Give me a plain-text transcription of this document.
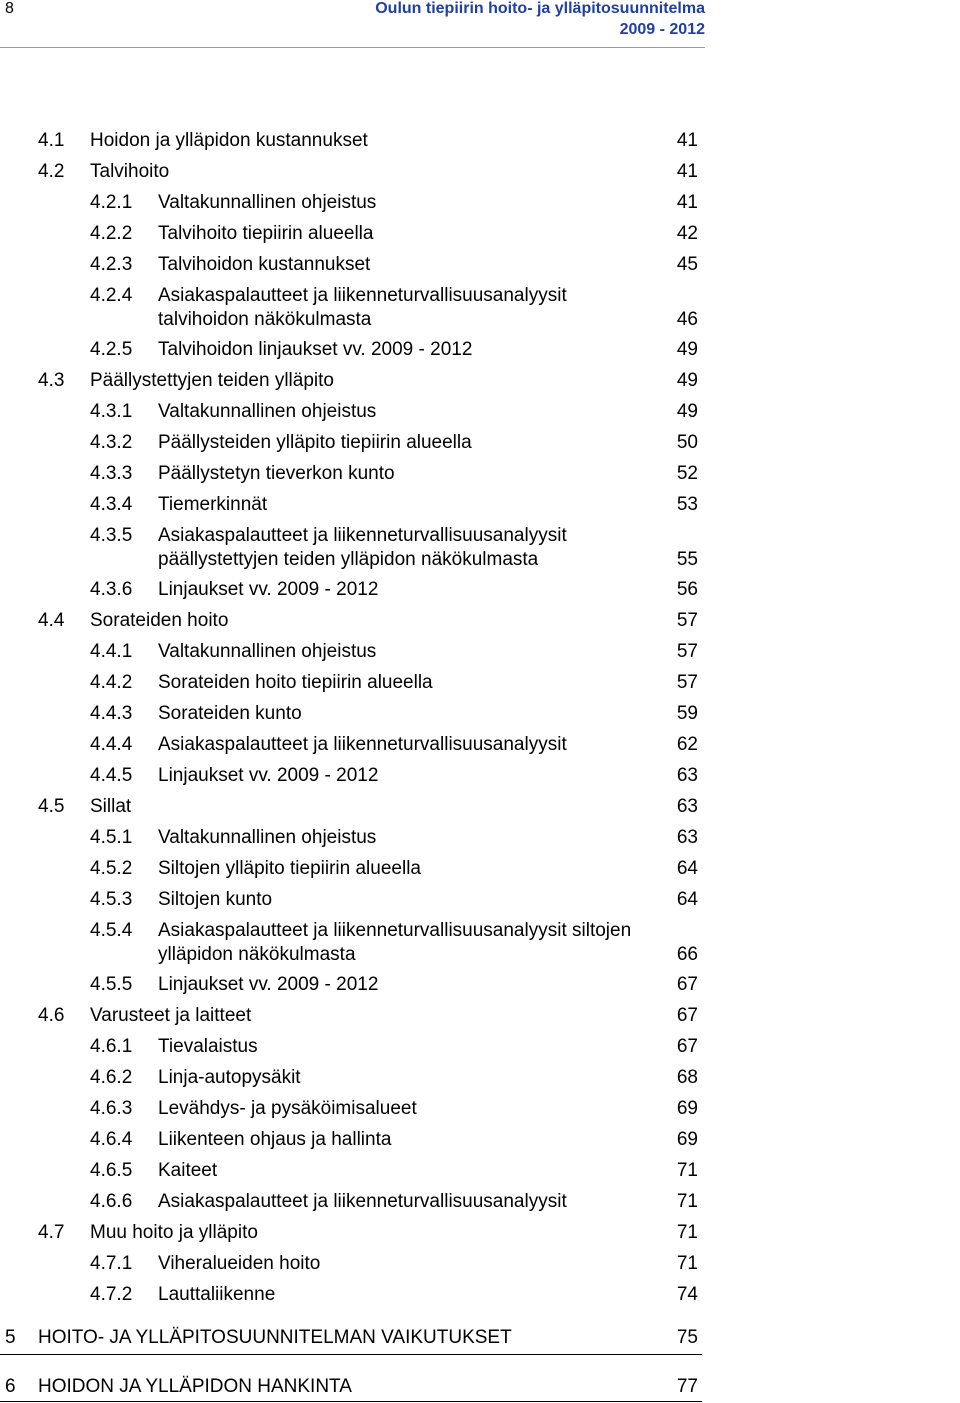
8	Oulun tiepiirin hoito- ja ylläpitosuunnitelma
2009 - 2012
4.1 Hoidon ja ylläpidon kustannukset	41
4.2 Talvihoito	41
4.2.1 Valtakunnallinen ohjeistus	41
4.2.2 Talvihoito tiepiirin alueella	42
4.2.3 Talvihoidon kustannukset	45
4.2.4 Asiakaspalautteet ja liikenneturvallisuusanalyysit
talvihoidon näkökulmasta	46
4.2.5 Talvihoidon linjaukset vv. 2009 - 2012	49
4.3 Päällystettyjen teiden ylläpito	49
4.3.1 Valtakunnallinen ohjeistus	49
4.3.2 Päällysteiden ylläpito tiepiirin alueella	50
4.3.3 Päällystetyn tieverkon kunto	52
4.3.4 Tiemerkinnät	53
4.3.5 Asiakaspalautteet ja liikenneturvallisuusanalyysit
päällystettyjen teiden ylläpidon näkökulmasta	55
4.3.6 Linjaukset vv. 2009 - 2012	56
4.4 Sorateiden hoito	57
4.4.1 Valtakunnallinen ohjeistus	57
4.4.2 Sorateiden hoito tiepiirin alueella	57
4.4.3 Sorateiden kunto	59
4.4.4 Asiakaspalautteet ja liikenneturvallisuusanalyysit	62
4.4.5 Linjaukset vv. 2009 - 2012	63
4.5 Sillat	63
4.5.1 Valtakunnallinen ohjeistus	63
4.5.2 Siltojen ylläpito tiepiirin alueella	64
4.5.3 Siltojen kunto	64
4.5.4 Asiakaspalautteet ja liikenneturvallisuusanalyysit siltojen
ylläpidon näkökulmasta	66
4.5.5 Linjaukset vv. 2009 - 2012	67
4.6 Varusteet ja laitteet	67
4.6.1 Tievalaistus	67
4.6.2 Linja-autopysäkit	68
4.6.3 Levähdys- ja pysäköimisalueet	69
4.6.4 Liikenteen ohjaus ja hallinta	69
4.6.5 Kaiteet	71
4.6.6 Asiakaspalautteet ja liikenneturvallisuusanalyysit	71
4.7 Muu hoito ja ylläpito	71
4.7.1 Viheralueiden hoito	71
4.7.2 Lauttaliikenne	74
5 HOITO- JA YLLÄPITOSUUNNITELMAN VAIKUTUKSET	75
6 HOIDON JA YLLÄPIDON HANKINTA	77
